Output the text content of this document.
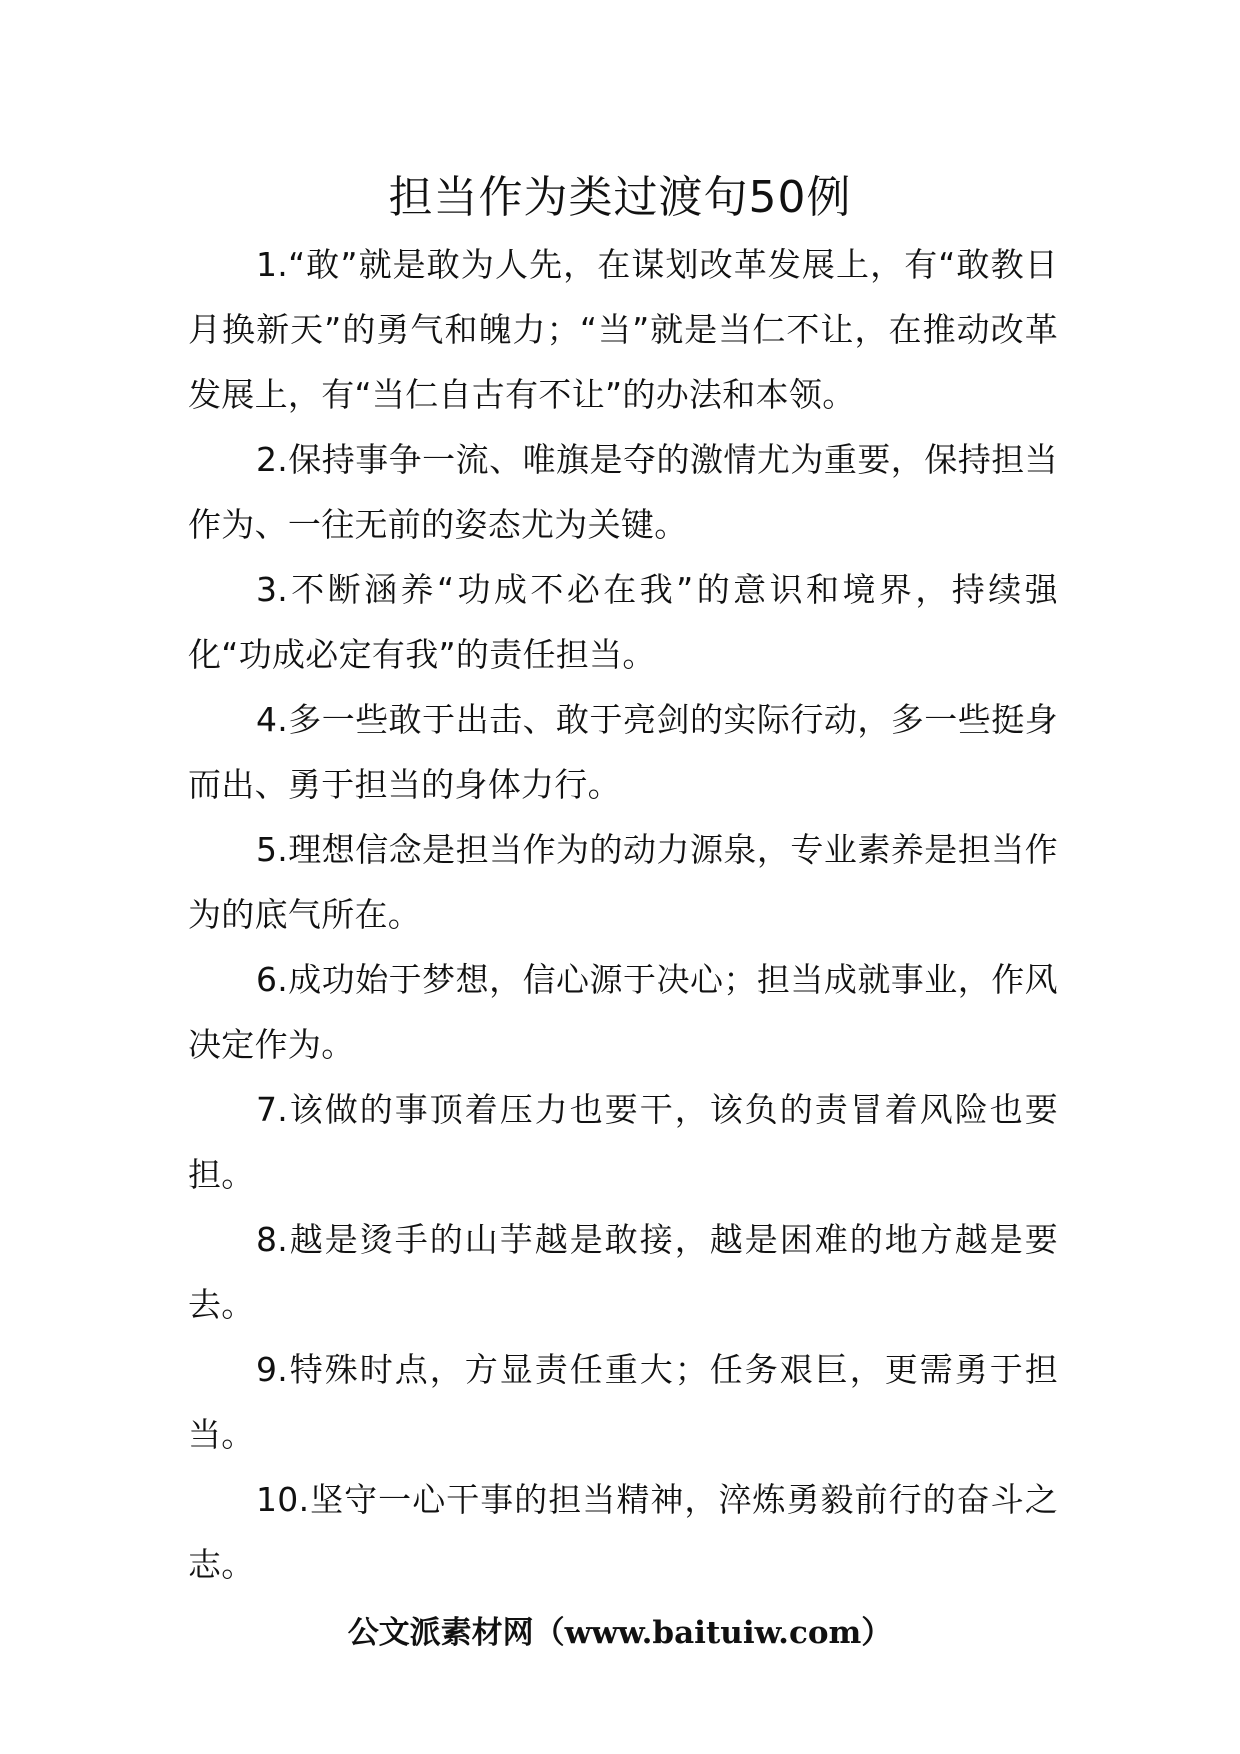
担当作为类过渡句50例

1.“敢”就是敢为人先，在谋划改革发展上，有“敢教日月换新天”的勇气和魄力；“当”就是当仁不让，在推动改革发展上，有“当仁自古有不让”的办法和本领。

2.保持事争一流、唯旗是夺的激情尤为重要，保持担当作为、一往无前的姿态尤为关键。

3.不断涵养“功成不必在我”的意识和境界，持续强化“功成必定有我”的责任担当。

4.多一些敢于出击、敢于亮剑的实际行动，多一些挺身而出、勇于担当的身体力行。

5.理想信念是担当作为的动力源泉，专业素养是担当作为的底气所在。

6.成功始于梦想，信心源于决心；担当成就事业，作风决定作为。

7.该做的事顶着压力也要干，该负的责冒着风险也要担。

8.越是烫手的山芋越是敢接，越是困难的地方越是要去。

9.特殊时点，方显责任重大；任务艰巨，更需勇于担当。

10.坚守一心干事的担当精神，淬炼勇毅前行的奋斗之志。

公文派素材网（www.baituiw.com）
